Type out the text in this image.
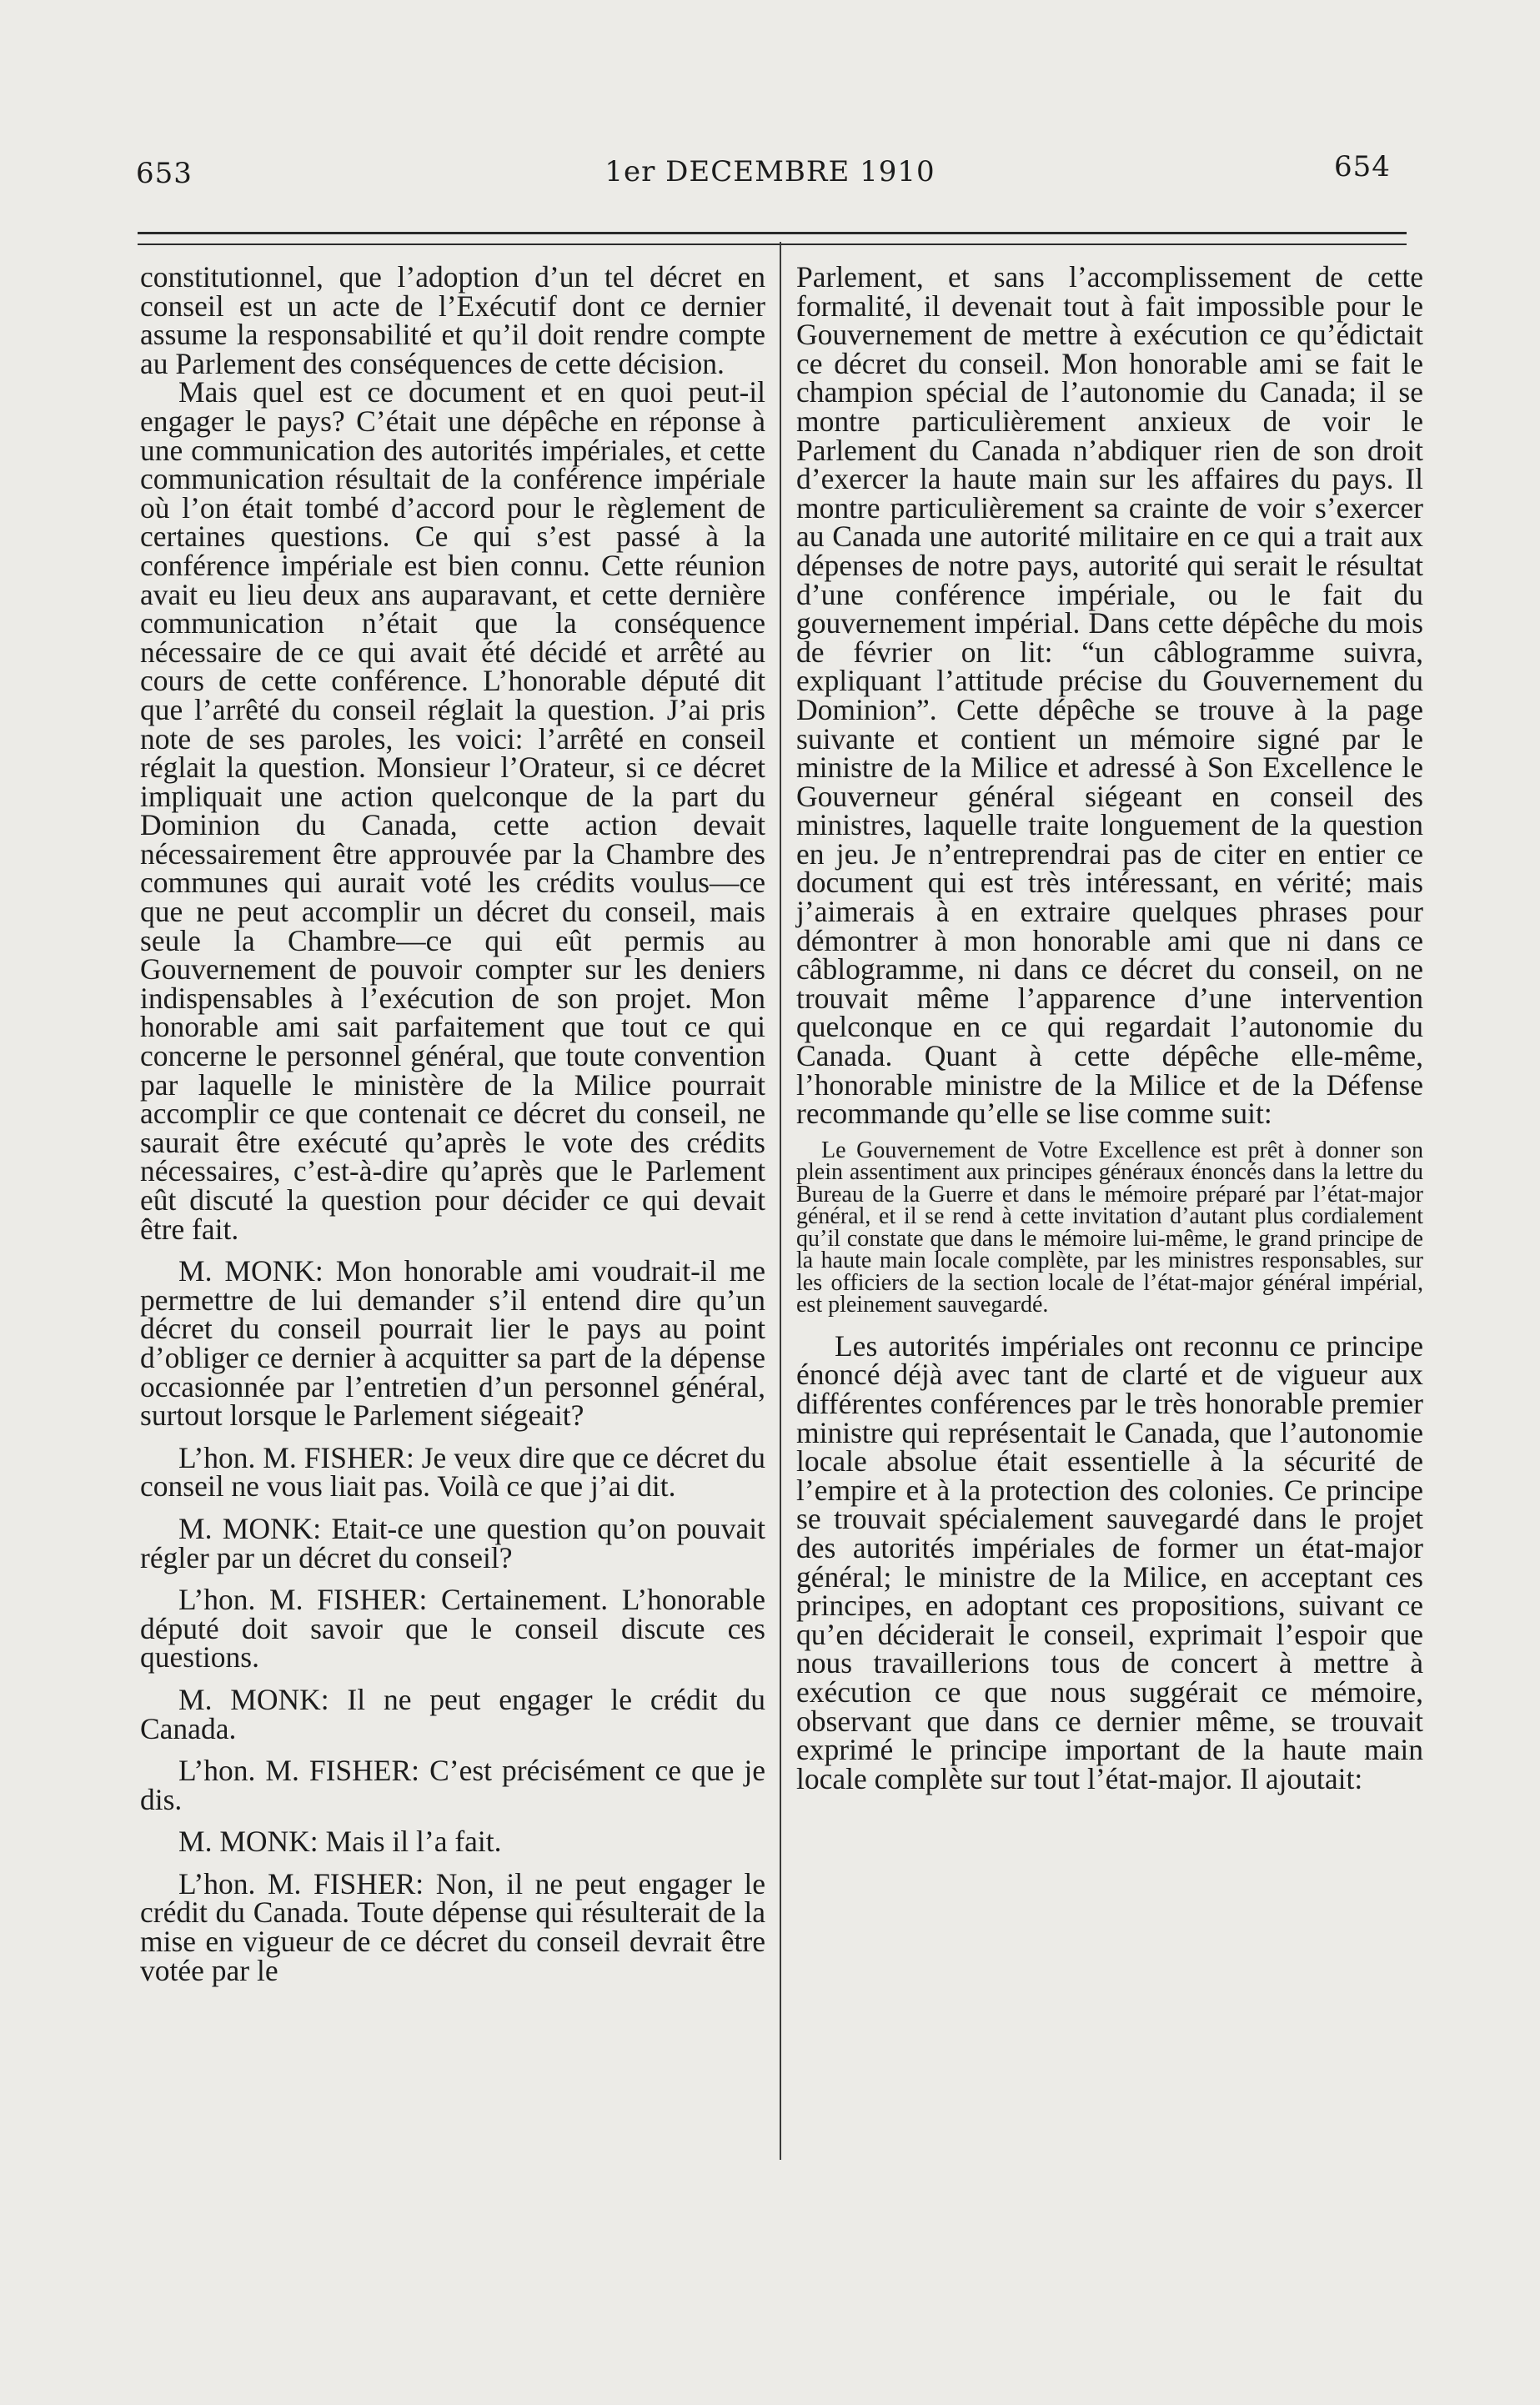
653	1er DECEMBRE 1910	654

constitutionnel, que l’adoption d’un tel décret en conseil est un acte de l’Exécutif dont ce dernier assume la responsabilité et qu’il doit rendre compte au Parlement des conséquences de cette décision.

Mais quel est ce document et en quoi peut-il engager le pays? C’était une dépêche en réponse à une communication des autorités impériales, et cette communication résultait de la conférence impériale où l’on était tombé d’accord pour le règlement de certaines questions. Ce qui s’est passé à la conférence impériale est bien connu. Cette réunion avait eu lieu deux ans auparavant, et cette dernière communication n’était que la conséquence nécessaire de ce qui avait été décidé et arrêté au cours de cette conférence. L’honorable député dit que l’arrêté du conseil réglait la question. J’ai pris note de ses paroles, les voici: l’arrêté en conseil réglait la question. Monsieur l’Orateur, si ce décret impliquait une action quelconque de la part du Dominion du Canada, cette action devait nécessairement être approuvée par la Chambre des communes qui aurait voté les crédits voulus—ce que ne peut accomplir un décret du conseil, mais seule la Chambre—ce qui eût permis au Gouvernement de pouvoir compter sur les deniers indispensables à l’exécution de son projet. Mon honorable ami sait parfaitement que tout ce qui concerne le personnel général, que toute convention par laquelle le ministère de la Milice pourrait accomplir ce que contenait ce décret du conseil, ne saurait être exécuté qu’après le vote des crédits nécessaires, c’est-à-dire qu’après que le Parlement eût discuté la question pour décider ce qui devait être fait.

M. MONK: Mon honorable ami voudrait-il me permettre de lui demander s’il entend dire qu’un décret du conseil pourrait lier le pays au point d’obliger ce dernier à acquitter sa part de la dépense occasionnée par l’entretien d’un personnel général, surtout lorsque le Parlement siégeait?

L’hon. M. FISHER: Je veux dire que ce décret du conseil ne vous liait pas. Voilà ce que j’ai dit.

M. MONK: Etait-ce une question qu’on pouvait régler par un décret du conseil?

L’hon. M. FISHER: Certainement. L’honorable député doit savoir que le conseil discute ces questions.

M. MONK: Il ne peut engager le crédit du Canada.

L’hon. M. FISHER: C’est précisément ce que je dis.

M. MONK: Mais il l’a fait.

L’hon. M. FISHER: Non, il ne peut engager le crédit du Canada. Toute dépense qui résulterait de la mise en vigueur de ce décret du conseil devrait être votée par le

Parlement, et sans l’accomplissement de cette formalité, il devenait tout à fait impossible pour le Gouvernement de mettre à exécution ce qu’édictait ce décret du conseil. Mon honorable ami se fait le champion spécial de l’autonomie du Canada; il se montre particulièrement anxieux de voir le Parlement du Canada n’abdiquer rien de son droit d’exercer la haute main sur les affaires du pays. Il montre particulièrement sa crainte de voir s’exercer au Canada une autorité militaire en ce qui a trait aux dépenses de notre pays, autorité qui serait le résultat d’une conférence impériale, ou le fait du gouvernement impérial. Dans cette dépêche du mois de février on lit: “un câblogramme suivra, expliquant l’attitude précise du Gouvernement du Dominion”. Cette dépêche se trouve à la page suivante et contient un mémoire signé par le ministre de la Milice et adressé à Son Excellence le Gouverneur général siégeant en conseil des ministres, laquelle traite longuement de la question en jeu. Je n’entreprendrai pas de citer en entier ce document qui est très intéressant, en vérité; mais j’aimerais à en extraire quelques phrases pour démontrer à mon honorable ami que ni dans ce câblogramme, ni dans ce décret du conseil, on ne trouvait même l’apparence d’une intervention quelconque en ce qui regardait l’autonomie du Canada. Quant à cette dépêche elle-même, l’honorable ministre de la Milice et de la Défense recommande qu’elle se lise comme suit:

Le Gouvernement de Votre Excellence est prêt à donner son plein assentiment aux principes généraux énoncés dans la lettre du Bureau de la Guerre et dans le mémoire préparé par l’état-major général, et il se rend à cette invitation d’autant plus cordialement qu’il constate que dans le mémoire lui-même, le grand principe de la haute main locale complète, par les ministres responsables, sur les officiers de la section locale de l’état-major général impérial, est pleinement sauvegardé.

Les autorités impériales ont reconnu ce principe énoncé déjà avec tant de clarté et de vigueur aux différentes conférences par le très honorable premier ministre qui représentait le Canada, que l’autonomie locale absolue était essentielle à la sécurité de l’empire et à la protection des colonies. Ce principe se trouvait spécialement sauvegardé dans le projet des autorités impériales de former un état-major général; le ministre de la Milice, en acceptant ces principes, en adoptant ces propositions, suivant ce qu’en déciderait le conseil, exprimait l’espoir que nous travaillerions tous de concert à mettre à exécution ce que nous suggérait ce mémoire, observant que dans ce dernier même, se trouvait exprimé le principe important de la haute main locale complète sur tout l’état-major. Il ajoutait:
